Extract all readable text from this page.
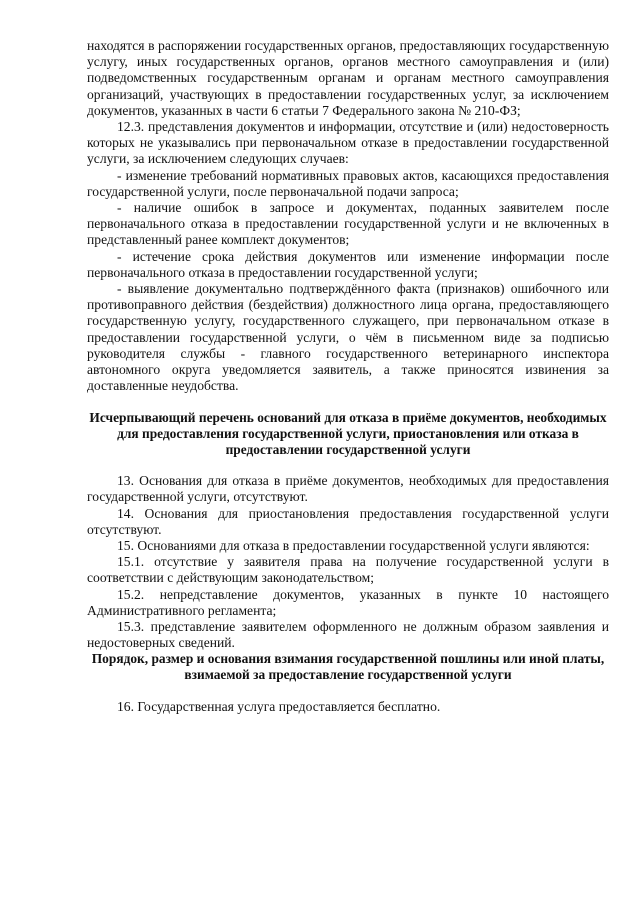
находятся в распоряжении государственных органов, предоставляющих государственную услугу, иных государственных органов, органов местного самоуправления и (или) подведомственных государственным органам и органам местного самоуправления организаций, участвующих в предоставлении государственных услуг, за исключением документов, указанных в части 6 статьи 7 Федерального закона № 210-ФЗ;

12.3. представления документов и информации, отсутствие и (или) недостоверность которых не указывались при первоначальном отказе в предоставлении государственной услуги, за исключением следующих случаев:

- изменение требований нормативных правовых актов, касающихся предоставления государственной услуги, после первоначальной подачи запроса;

- наличие ошибок в запросе и документах, поданных заявителем после первоначального отказа в предоставлении государственной услуги и не включенных в представленный ранее комплект документов;

- истечение срока действия документов или изменение информации после первоначального отказа в предоставлении государственной услуги;

- выявление документально подтверждённого факта (признаков) ошибочного или противоправного действия (бездействия) должностного лица органа, предоставляющего государственную услугу, государственного служащего, при первоначальном отказе в предоставлении государственной услуги, о чём в письменном виде за подписью руководителя службы - главного государственного ветеринарного инспектора автономного округа уведомляется заявитель, а также приносятся извинения за доставленные неудобства.

Исчерпывающий перечень оснований для отказа в приёме документов, необходимых для предоставления государственной услуги, приостановления или отказа в предоставлении государственной услуги

13. Основания для отказа в приёме документов, необходимых для предоставления государственной услуги, отсутствуют.

14. Основания для приостановления предоставления государственной услуги отсутствуют.

15. Основаниями для отказа в предоставлении государственной услуги являются:

15.1. отсутствие у заявителя права на получение государственной услуги в соответствии с действующим законодательством;

15.2. непредставление документов, указанных в пункте 10 настоящего Административного регламента;

15.3. представление заявителем оформленного не должным образом заявления и недостоверных сведений.

Порядок, размер и основания взимания государственной пошлины или иной платы, взимаемой за предоставление государственной услуги

16. Государственная услуга предоставляется бесплатно.
